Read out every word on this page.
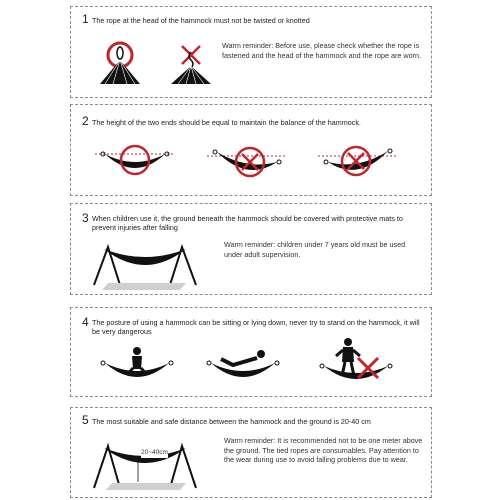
1 The rope at the head of the hammock must not be twisted or knotted
Warm reminder: Before use, please check whether the rope is fastened and the head of the hammock and the rope are worn.
2 The height of the two ends should be equal to maintain the balance of the hammock.
3 When children use it, the ground beneath the hammock should be covered with protective mats to prevent injuries after falling
Warm reminder: children under 7 years old must be used under adult supervision.
4 The posture of using a hammock can be sitting or lying down, never try to stand on the hammock, it will be very dangerous
5 The most suitable and safe distance between the hammock and the ground is 20-40 cm
20~40cm
Warm reminder: It is recommended not to be one meter above the ground. The tied ropes are consumables. Pay attention to the wear during use to avoid falling problems due to wear.
